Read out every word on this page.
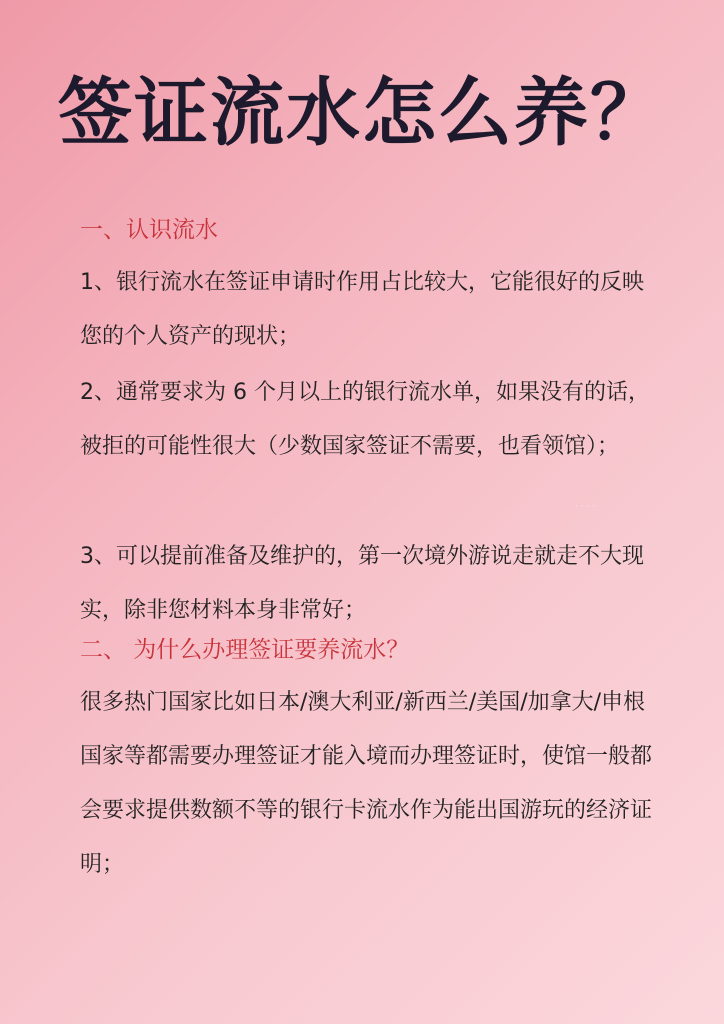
签证流水怎么养？
一、认识流水
1、银行流水在签证申请时作用占比较大，它能很好的反映您的个人资产的现状；
2、通常要求为 6 个月以上的银行流水单，如果没有的话，被拒的可能性很大（少数国家签证不需要，也看领馆）；
3、可以提前准备及维护的，第一次境外游说走就走不大现实，除非您材料本身非常好；
二、 为什么办理签证要养流水？
很多热门国家比如日本/澳大利亚/新西兰/美国/加拿大/申根国家等都需要办理签证才能入境而办理签证时，使馆一般都会要求提供数额不等的银行卡流水作为能出国游玩的经济证明；
· · · ·
